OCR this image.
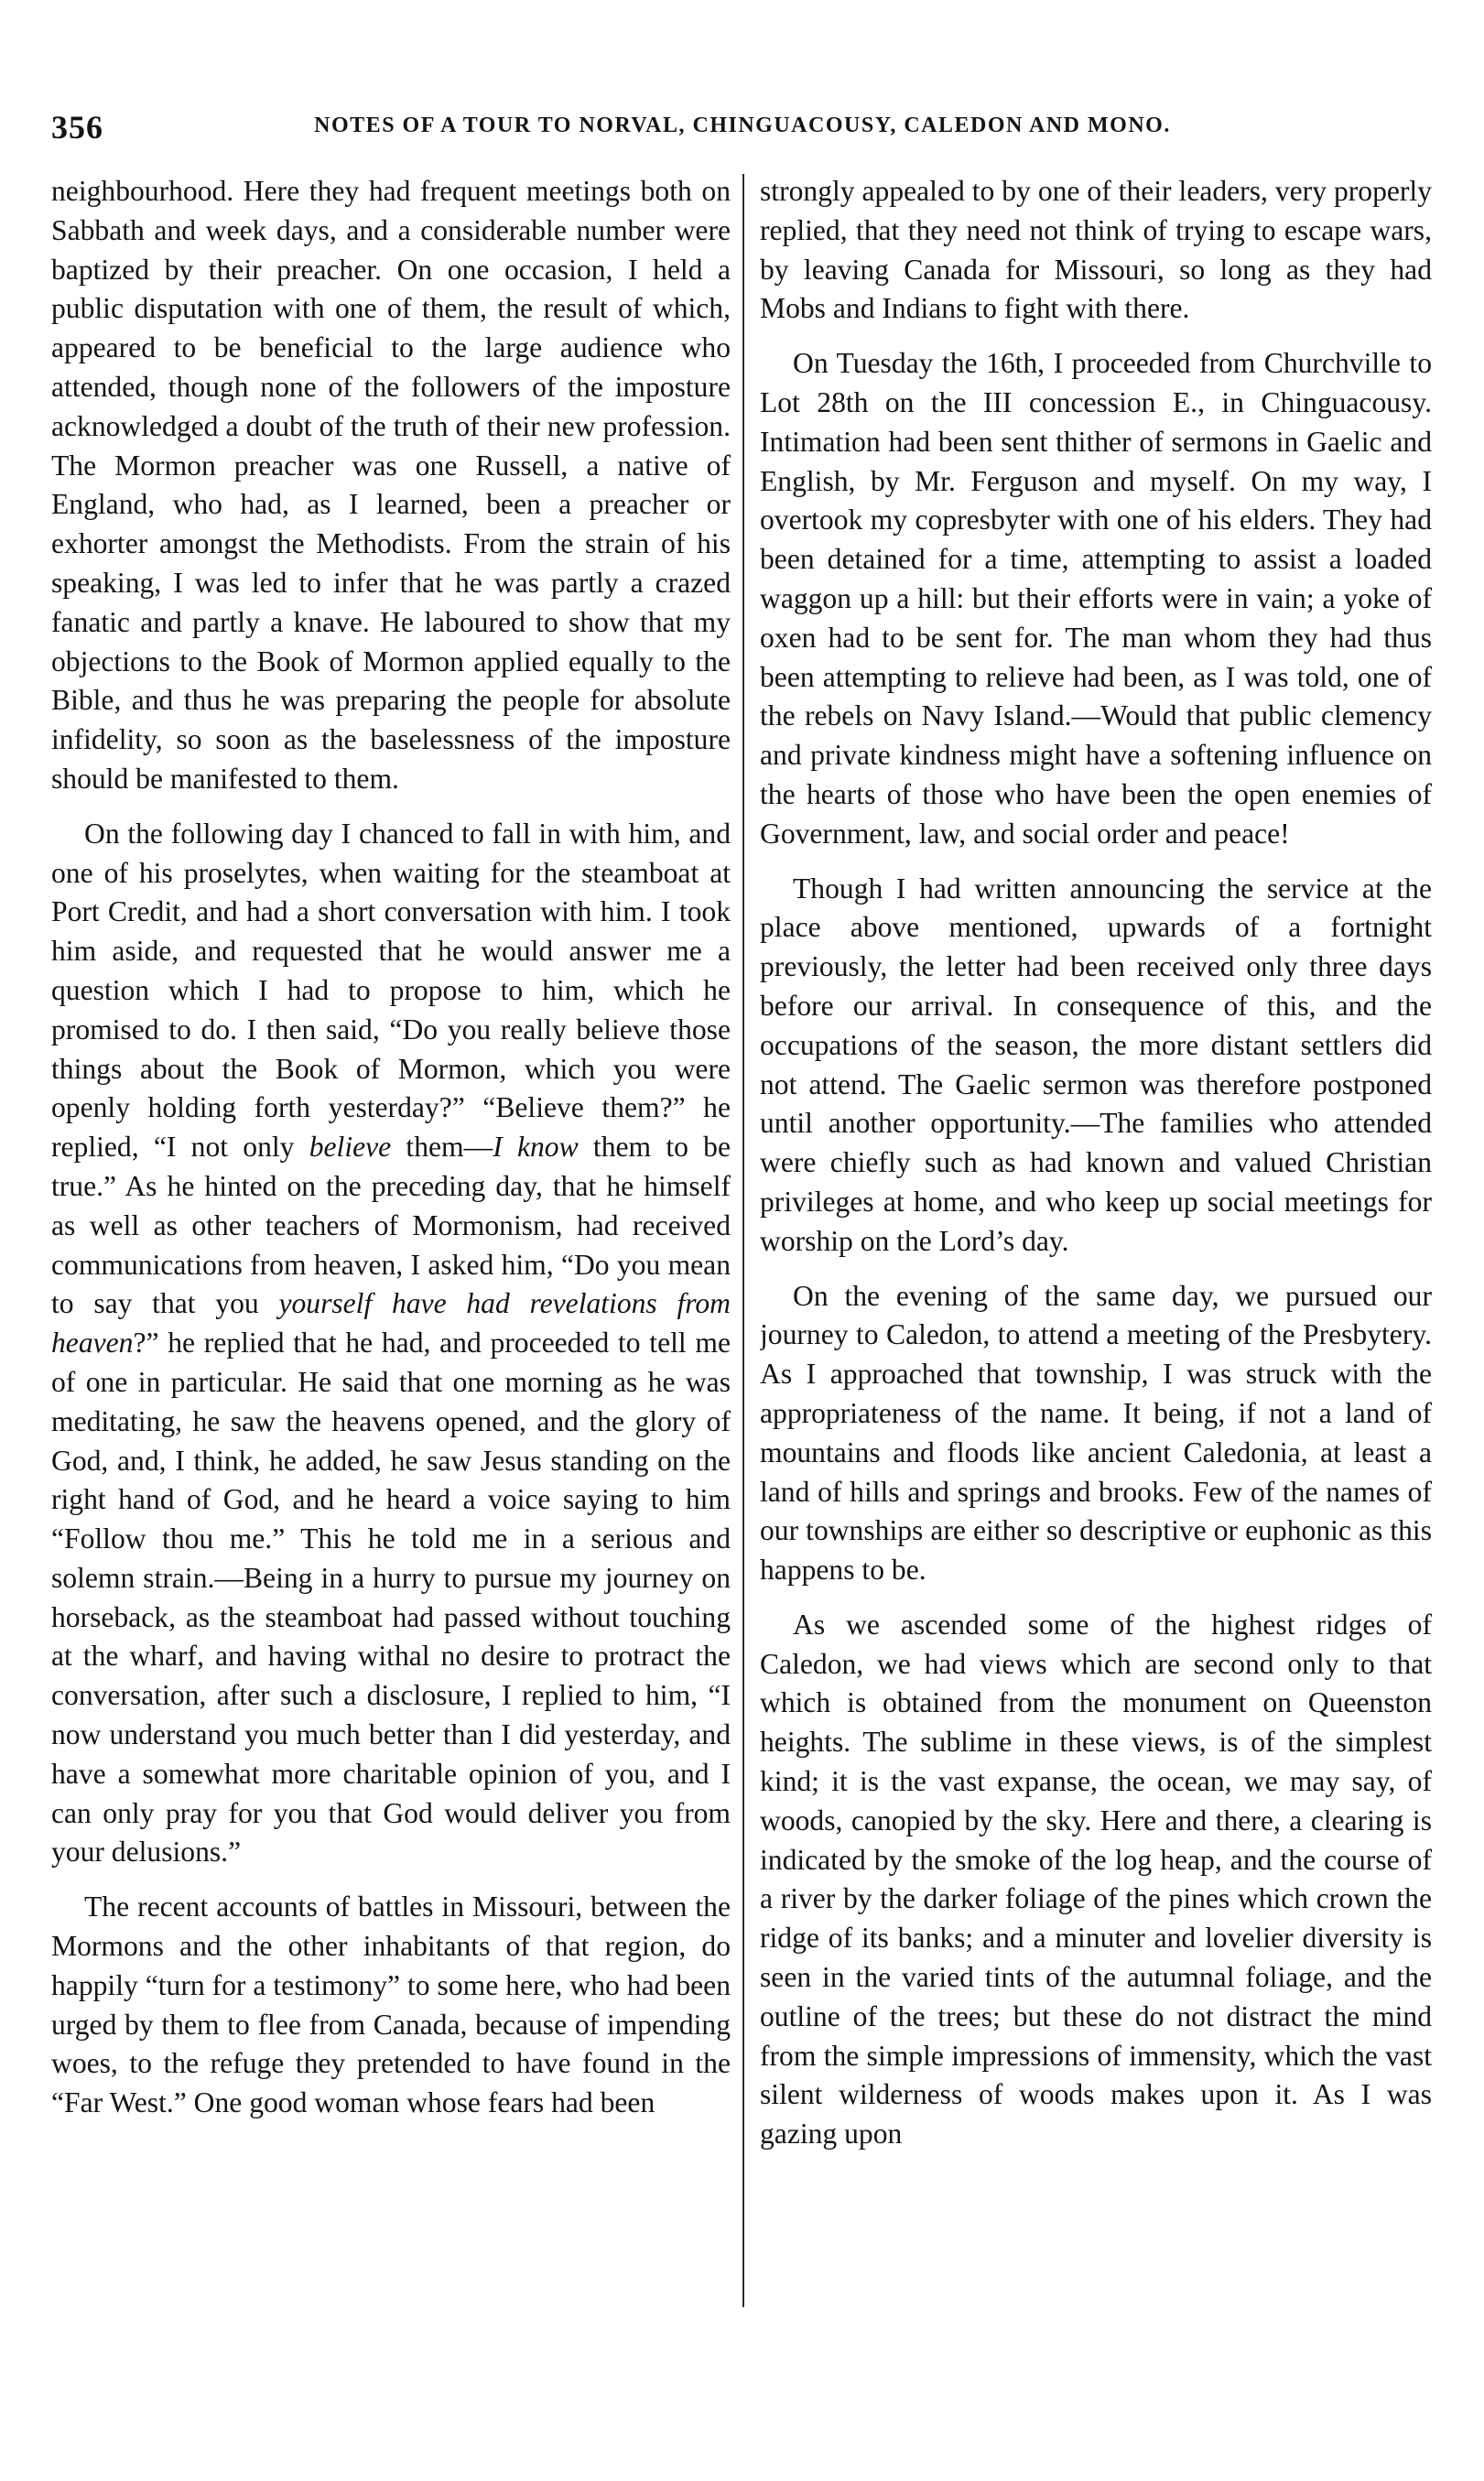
356	NOTES OF A TOUR TO NORVAL, CHINGUACOUSY, CALEDON AND MONO.

neighbourhood. Here they had frequent meetings both on Sabbath and week days, and a considerable number were baptized by their preacher. On one occasion, I held a public disputation with one of them, the result of which, appeared to be beneficial to the large audience who attended, though none of the followers of the imposture acknowledged a doubt of the truth of their new profession. The Mormon preacher was one Russell, a native of England, who had, as I learned, been a preacher or exhorter amongst the Methodists. From the strain of his speaking, I was led to infer that he was partly a crazed fanatic and partly a knave. He laboured to show that my objections to the Book of Mormon applied equally to the Bible, and thus he was preparing the people for absolute infidelity, so soon as the baselessness of the imposture should be manifested to them.

On the following day I chanced to fall in with him, and one of his proselytes, when waiting for the steamboat at Port Credit, and had a short conversation with him. I took him aside, and requested that he would answer me a question which I had to propose to him, which he promised to do. I then said, “Do you really believe those things about the Book of Mormon, which you were openly holding forth yesterday?” “Believe them?” he replied, “I not only believe them—I know them to be true.” As he hinted on the preceding day, that he himself as well as other teachers of Mormonism, had received communications from heaven, I asked him, “Do you mean to say that you yourself have had revelations from heaven?” he replied that he had, and proceeded to tell me of one in particular. He said that one morning as he was meditating, he saw the heavens opened, and the glory of God, and, I think, he added, he saw Jesus standing on the right hand of God, and he heard a voice saying to him “Follow thou me.” This he told me in a serious and solemn strain.—Being in a hurry to pursue my journey on horseback, as the steamboat had passed without touching at the wharf, and having withal no desire to protract the conversation, after such a disclosure, I replied to him, “I now understand you much better than I did yesterday, and have a somewhat more charitable opinion of you, and I can only pray for you that God would deliver you from your delusions.”

The recent accounts of battles in Missouri, between the Mormons and the other inhabitants of that region, do happily “turn for a testimony” to some here, who had been urged by them to flee from Canada, because of impending woes, to the refuge they pretended to have found in the “Far West.” One good woman whose fears had been

strongly appealed to by one of their leaders, very properly replied, that they need not think of trying to escape wars, by leaving Canada for Missouri, so long as they had Mobs and Indians to fight with there.

On Tuesday the 16th, I proceeded from Churchville to Lot 28th on the III concession E., in Chinguacousy. Intimation had been sent thither of sermons in Gaelic and English, by Mr. Ferguson and myself. On my way, I overtook my copresbyter with one of his elders. They had been detained for a time, attempting to assist a loaded waggon up a hill: but their efforts were in vain; a yoke of oxen had to be sent for. The man whom they had thus been attempting to relieve had been, as I was told, one of the rebels on Navy Island.—Would that public clemency and private kindness might have a softening influence on the hearts of those who have been the open enemies of Government, law, and social order and peace!

Though I had written announcing the service at the place above mentioned, upwards of a fortnight previously, the letter had been received only three days before our arrival. In consequence of this, and the occupations of the season, the more distant settlers did not attend. The Gaelic sermon was therefore postponed until another opportunity.—The families who attended were chiefly such as had known and valued Christian privileges at home, and who keep up social meetings for worship on the Lord’s day.

On the evening of the same day, we pursued our journey to Caledon, to attend a meeting of the Presbytery. As I approached that township, I was struck with the appropriateness of the name. It being, if not a land of mountains and floods like ancient Caledonia, at least a land of hills and springs and brooks. Few of the names of our townships are either so descriptive or euphonic as this happens to be.

As we ascended some of the highest ridges of Caledon, we had views which are second only to that which is obtained from the monument on Queenston heights. The sublime in these views, is of the simplest kind; it is the vast expanse, the ocean, we may say, of woods, canopied by the sky. Here and there, a clearing is indicated by the smoke of the log heap, and the course of a river by the darker foliage of the pines which crown the ridge of its banks; and a minuter and lovelier diversity is seen in the varied tints of the autumnal foliage, and the outline of the trees; but these do not distract the mind from the simple impressions of immensity, which the vast silent wilderness of woods makes upon it. As I was gazing upon
